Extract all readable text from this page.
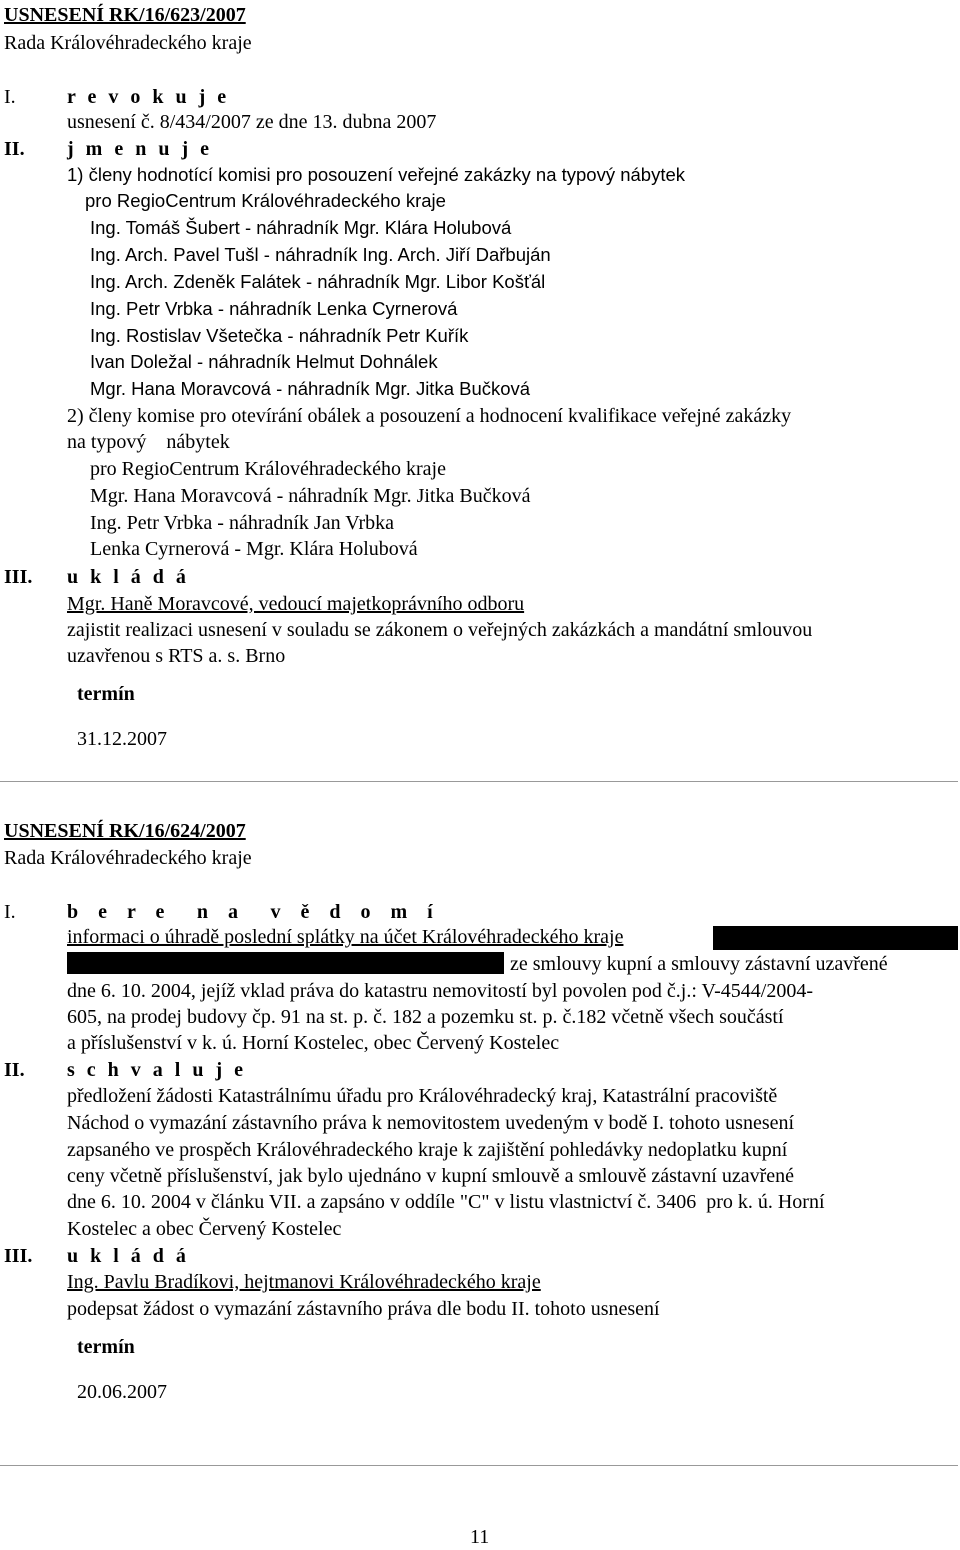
USNESENÍ RK/16/623/2007
Rada Královéhradeckého kraje
I.	r e v o k u j e
usnesení č. 8/434/2007 ze dne 13. dubna 2007
II. j m e n u j e
1) členy hodnotící komisi pro posouzení veřejné zakázky na typový nábytek
pro RegioCentrum Královéhradeckého kraje
Ing. Tomáš Šubert - náhradník Mgr. Klára Holubová
Ing. Arch. Pavel Tušl - náhradník Ing. Arch. Jiří Dařbuján
Ing. Arch. Zdeněk Falátek - náhradník Mgr. Libor Košťál
Ing. Petr Vrbka - náhradník Lenka Cyrnerová
Ing. Rostislav Všetečka - náhradník Petr Kuřík
Ivan Doležal - náhradník Helmut Dohnálek
Mgr. Hana Moravcová - náhradník Mgr. Jitka Bučková
2) členy komise pro otevírání obálek a posouzení a hodnocení kvalifikace veřejné zakázky
na typový    nábytek
pro RegioCentrum Královéhradeckého kraje
Mgr. Hana Moravcová - náhradník Mgr. Jitka Bučková
Ing. Petr Vrbka - náhradník Jan Vrbka
Lenka Cyrnerová - Mgr. Klára Holubová
III. u k l á d á
Mgr. Haně Moravcové, vedoucí majetkoprávního odboru
zajistit realizaci usnesení v souladu se zákonem o veřejných zakázkách a mandátní smlouvou
uzavřenou s RTS a. s. Brno
termín
31.12.2007
USNESENÍ RK/16/624/2007
Rada Královéhradeckého kraje
I.	b e r e  n a  v ě d o m í
informaci o úhradě poslední splátky na účet Královéhradeckého kraje
ze smlouvy kupní a smlouvy zástavní uzavřené
dne 6. 10. 2004, jejíž vklad práva do katastru nemovitostí byl povolen pod č.j.: V-4544/2004-
605, na prodej budovy čp. 91 na st. p. č. 182 a pozemku st. p. č.182 včetně všech součástí
a příslušenství v k. ú. Horní Kostelec, obec Červený Kostelec
II. s c h v a l u j e
předložení žádosti Katastrálnímu úřadu pro Královéhradecký kraj, Katastrální pracoviště
Náchod o vymazání zástavního práva k nemovitostem uvedeným v bodě I. tohoto usnesení
zapsaného ve prospěch Královéhradeckého kraje k zajištění pohledávky nedoplatku kupní
ceny včetně příslušenství, jak bylo ujednáno v kupní smlouvě a smlouvě zástavní uzavřené
dne 6. 10. 2004 v článku VII. a zapsáno v oddíle "C" v listu vlastnictví č. 3406  pro k. ú. Horní
Kostelec a obec Červený Kostelec
III. u k l á d á
Ing. Pavlu Bradíkovi, hejtmanovi Královéhradeckého kraje
podepsat žádost o vymazání zástavního práva dle bodu II. tohoto usnesení
termín
20.06.2007
11
